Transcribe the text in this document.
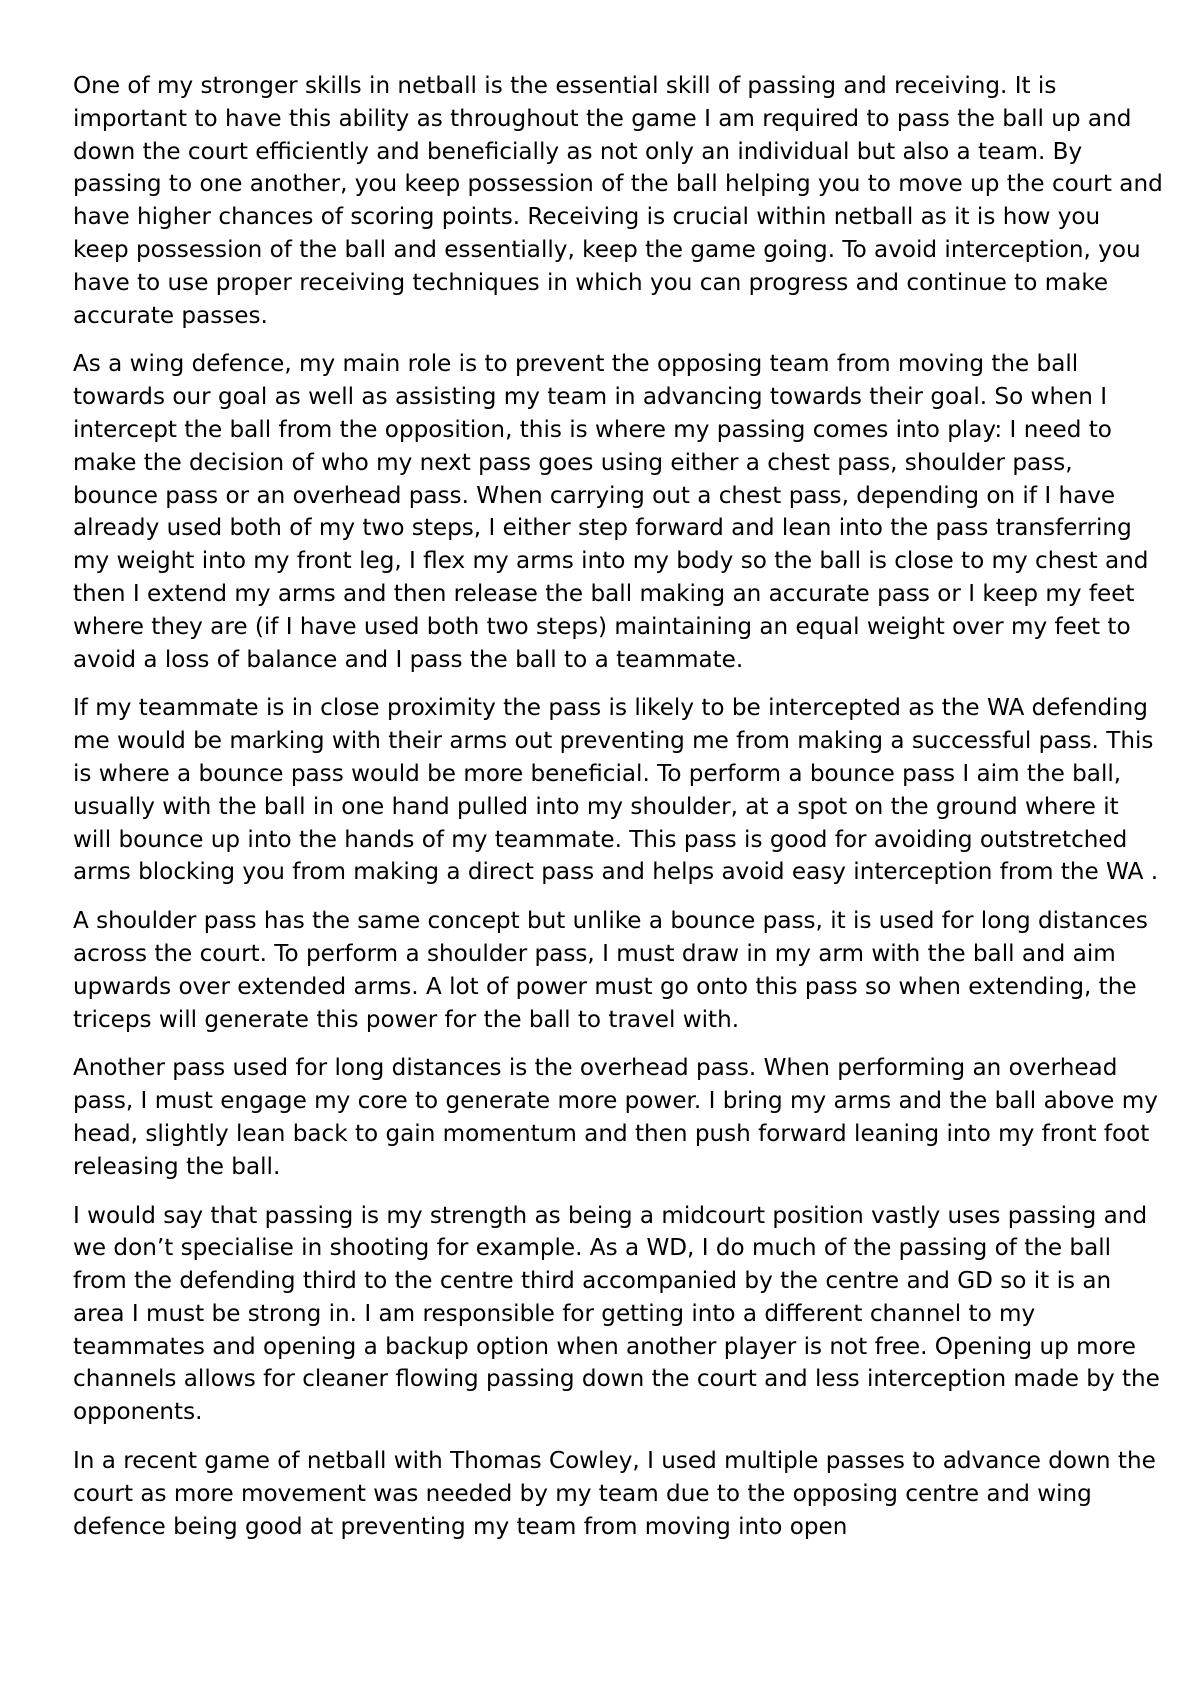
One of my stronger skills in netball is the essential skill of passing and receiving. It is important to have this ability as throughout the game I am required to pass the ball up and down the court efficiently and beneficially as not only an individual but also a team. By passing to one another, you keep possession of the ball helping you to move up the court and have higher chances of scoring points. Receiving is crucial within netball as it is how you keep possession of the ball and essentially, keep the game going. To avoid interception, you have to use proper receiving techniques in which you can progress and continue to make accurate passes.

As a wing defence, my main role is to prevent the opposing team from moving the ball towards our goal as well as assisting my team in advancing towards their goal. So when I intercept the ball from the opposition, this is where my passing comes into play: I need to make the decision of who my next pass goes using either a chest pass, shoulder pass, bounce pass or an overhead pass. When carrying out a chest pass, depending on if I have already used both of my two steps, I either step forward and lean into the pass transferring my weight into my front leg, I flex my arms into my body so the ball is close to my chest and then I extend my arms and then release the ball making an accurate pass or I keep my feet where they are (if I have used both two steps) maintaining an equal weight over my feet to avoid a loss of balance and I pass the ball to a teammate.

If my teammate is in close proximity the pass is likely to be intercepted as the WA defending me would be marking with their arms out preventing me from making a successful pass. This is where a bounce pass would be more beneficial. To perform a bounce pass I aim the ball, usually with the ball in one hand pulled into my shoulder, at a spot on the ground where it will bounce up into the hands of my teammate. This pass is good for avoiding outstretched arms blocking you from making a direct pass and helps avoid easy interception from the WA .

A shoulder pass has the same concept but unlike a bounce pass, it is used for long distances across the court. To perform a shoulder pass, I must draw in my arm with the ball and aim upwards over extended arms. A lot of power must go onto this pass so when extending, the triceps will generate this power for the ball to travel with.

Another pass used for long distances is the overhead pass. When performing an overhead pass, I must engage my core to generate more power. I bring my arms and the ball above my head, slightly lean back to gain momentum and then push forward leaning into my front foot releasing the ball.

I would say that passing is my strength as being a midcourt position vastly uses passing and we don’t specialise in shooting for example. As a WD, I do much of the passing of the ball from the defending third to the centre third accompanied by the centre and GD so it is an area I must be strong in. I am responsible for getting into a different channel to my teammates and opening a backup option when another player is not free. Opening up more channels allows for cleaner flowing passing down the court and less interception made by the opponents.

In a recent game of netball with Thomas Cowley, I used multiple passes to advance down the court as more movement was needed by my team due to the opposing centre and wing defence being good at preventing my team from moving into open
